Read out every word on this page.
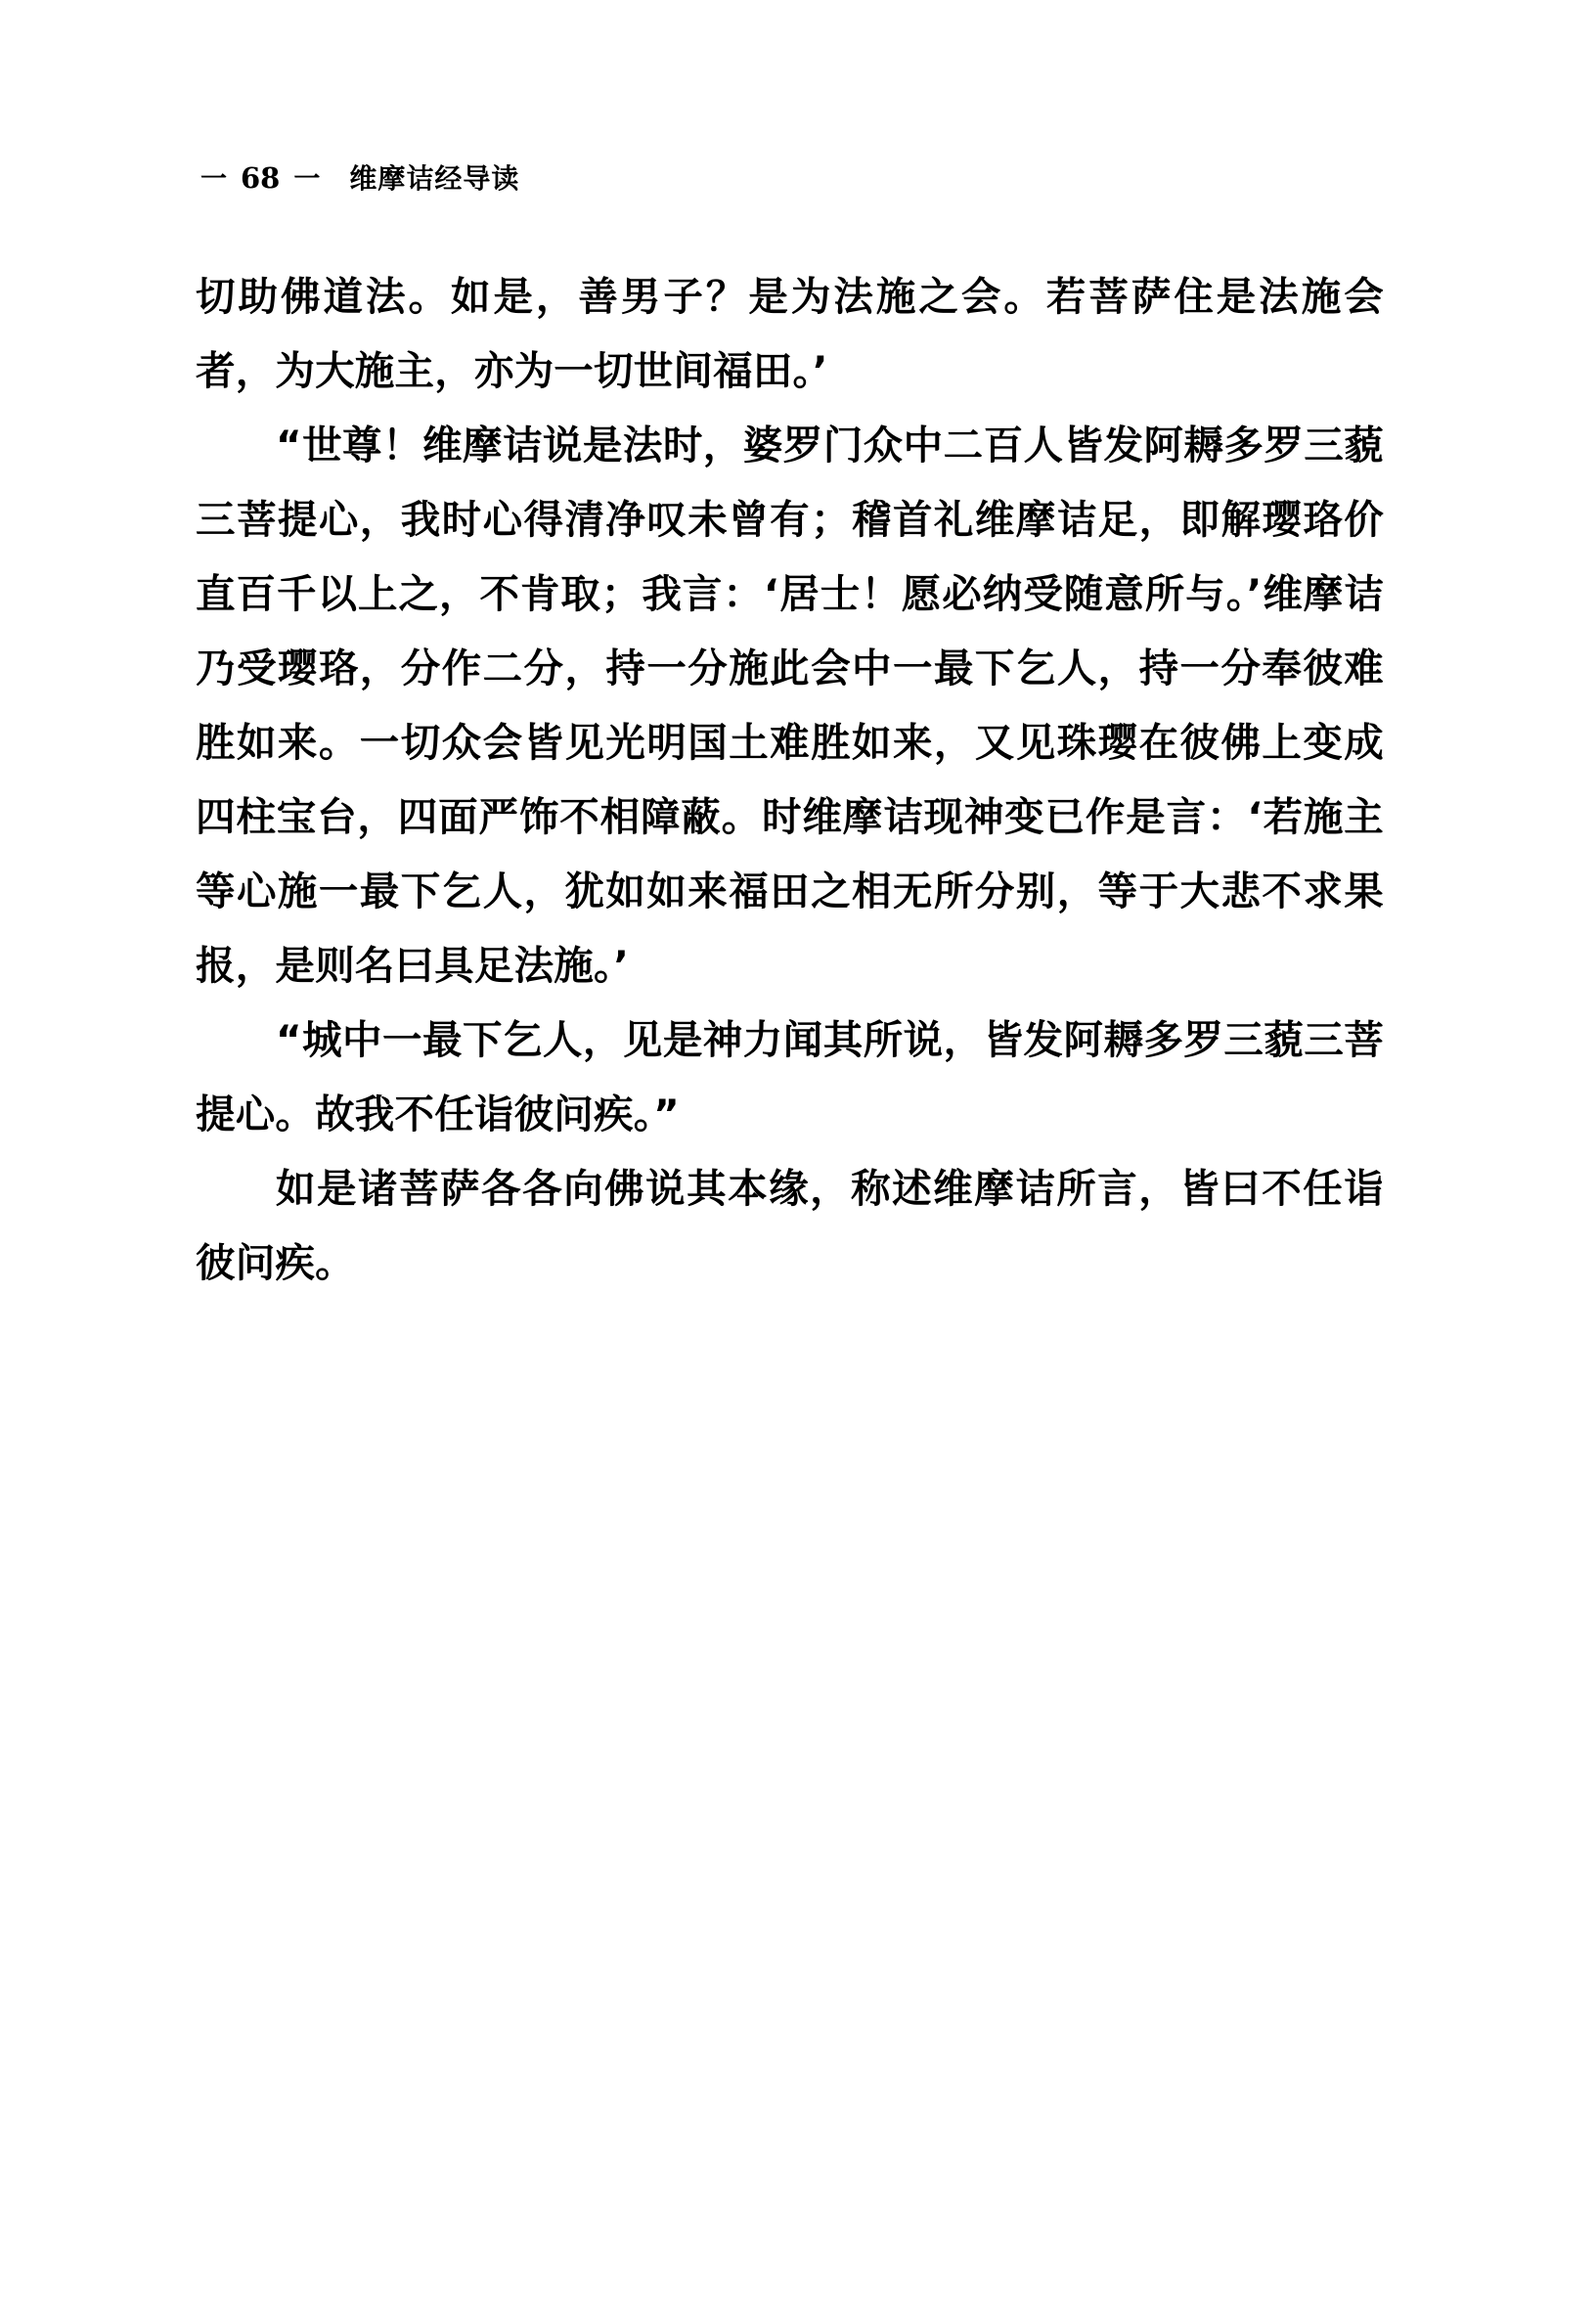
一 68 一 维摩诘经导读

切助佛道法。如是，善男子？是为法施之会。若菩萨住是法施会者，为大施主，亦为一切世间福田。’

“世尊！维摩诘说是法时，婆罗门众中二百人皆发阿耨多罗三藐三菩提心，我时心得清净叹未曾有；稽首礼维摩诘足，即解璎珞价直百千以上之，不肯取；我言：‘居士！愿必纳受随意所与。’维摩诘乃受璎珞，分作二分，持一分施此会中一最下乞人，持一分奉彼难胜如来。一切众会皆见光明国土难胜如来，又见珠璎在彼佛上变成四柱宝台，四面严饰不相障蔽。时维摩诘现神变已作是言：‘若施主等心施一最下乞人，犹如如来福田之相无所分别，等于大悲不求果报，是则名曰具足法施。’

“城中一最下乞人，见是神力闻其所说，皆发阿耨多罗三藐三菩提心。故我不任诣彼问疾。”

如是诸菩萨各各向佛说其本缘，称述维摩诘所言，皆曰不任诣彼问疾。
